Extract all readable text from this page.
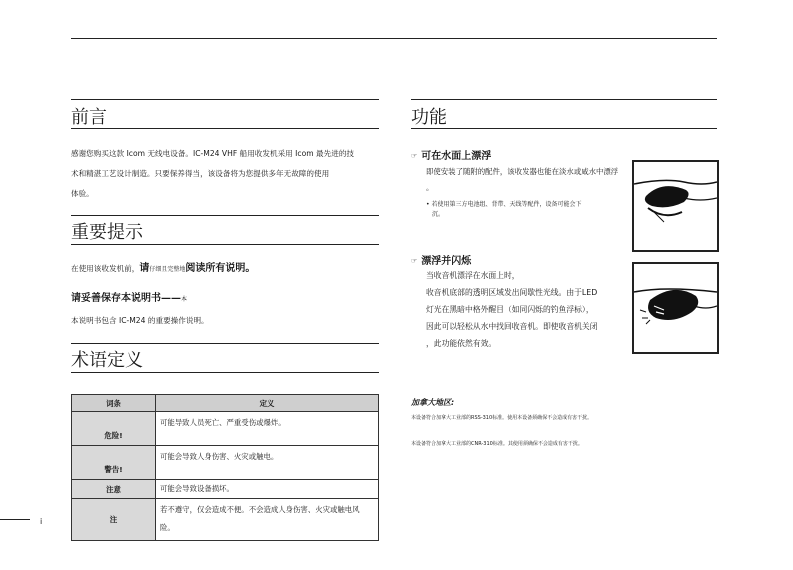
前言
感谢您购买这款 Icom 无线电设备。IC-M24 VHF 船用收发机采用 Icom 最先进的技
术和精湛工艺设计制造。只要保养得当，该设备将为您提供多年无故障的使用
体验。
重要提示
在使用该收发机前，请仔细且完整地阅读所有说明。
请妥善保存本说明书——本
本说明书包含 IC-M24 的重要操作说明。
术语定义
词条	定义
危险!	可能导致人员死亡、严重受伤或爆炸。
警告!	可能会导致人身伤害、火灾或触电。
注意	可能会导致设备损坏。
注	若不遵守，仅会造成不便。不会造成人身伤害、火灾或触电风险。
功能
☞ 可在水面上漂浮
即使安装了随附的配件，该收发器也能在淡水或咸水中漂浮
。
• 若使用第三方电池组、背带、天线等配件，设备可能会下
沉。
☞ 漂浮并闪烁
当收音机漂浮在水面上时，
收音机底部的透明区域发出间歇性光线。由于LED
灯光在黑暗中格外醒目（如同闪烁的钓鱼浮标），
因此可以轻松从水中找回收音机。即使收音机关闭
，此功能依然有效。
加拿大地区:
本设备符合加拿大工业部的RSS-310标准。使用本设备须确保不会造成有害干扰。
本设备符合加拿大工业部的CNR-310标准。其使用须确保不会造成有害干扰。
i
